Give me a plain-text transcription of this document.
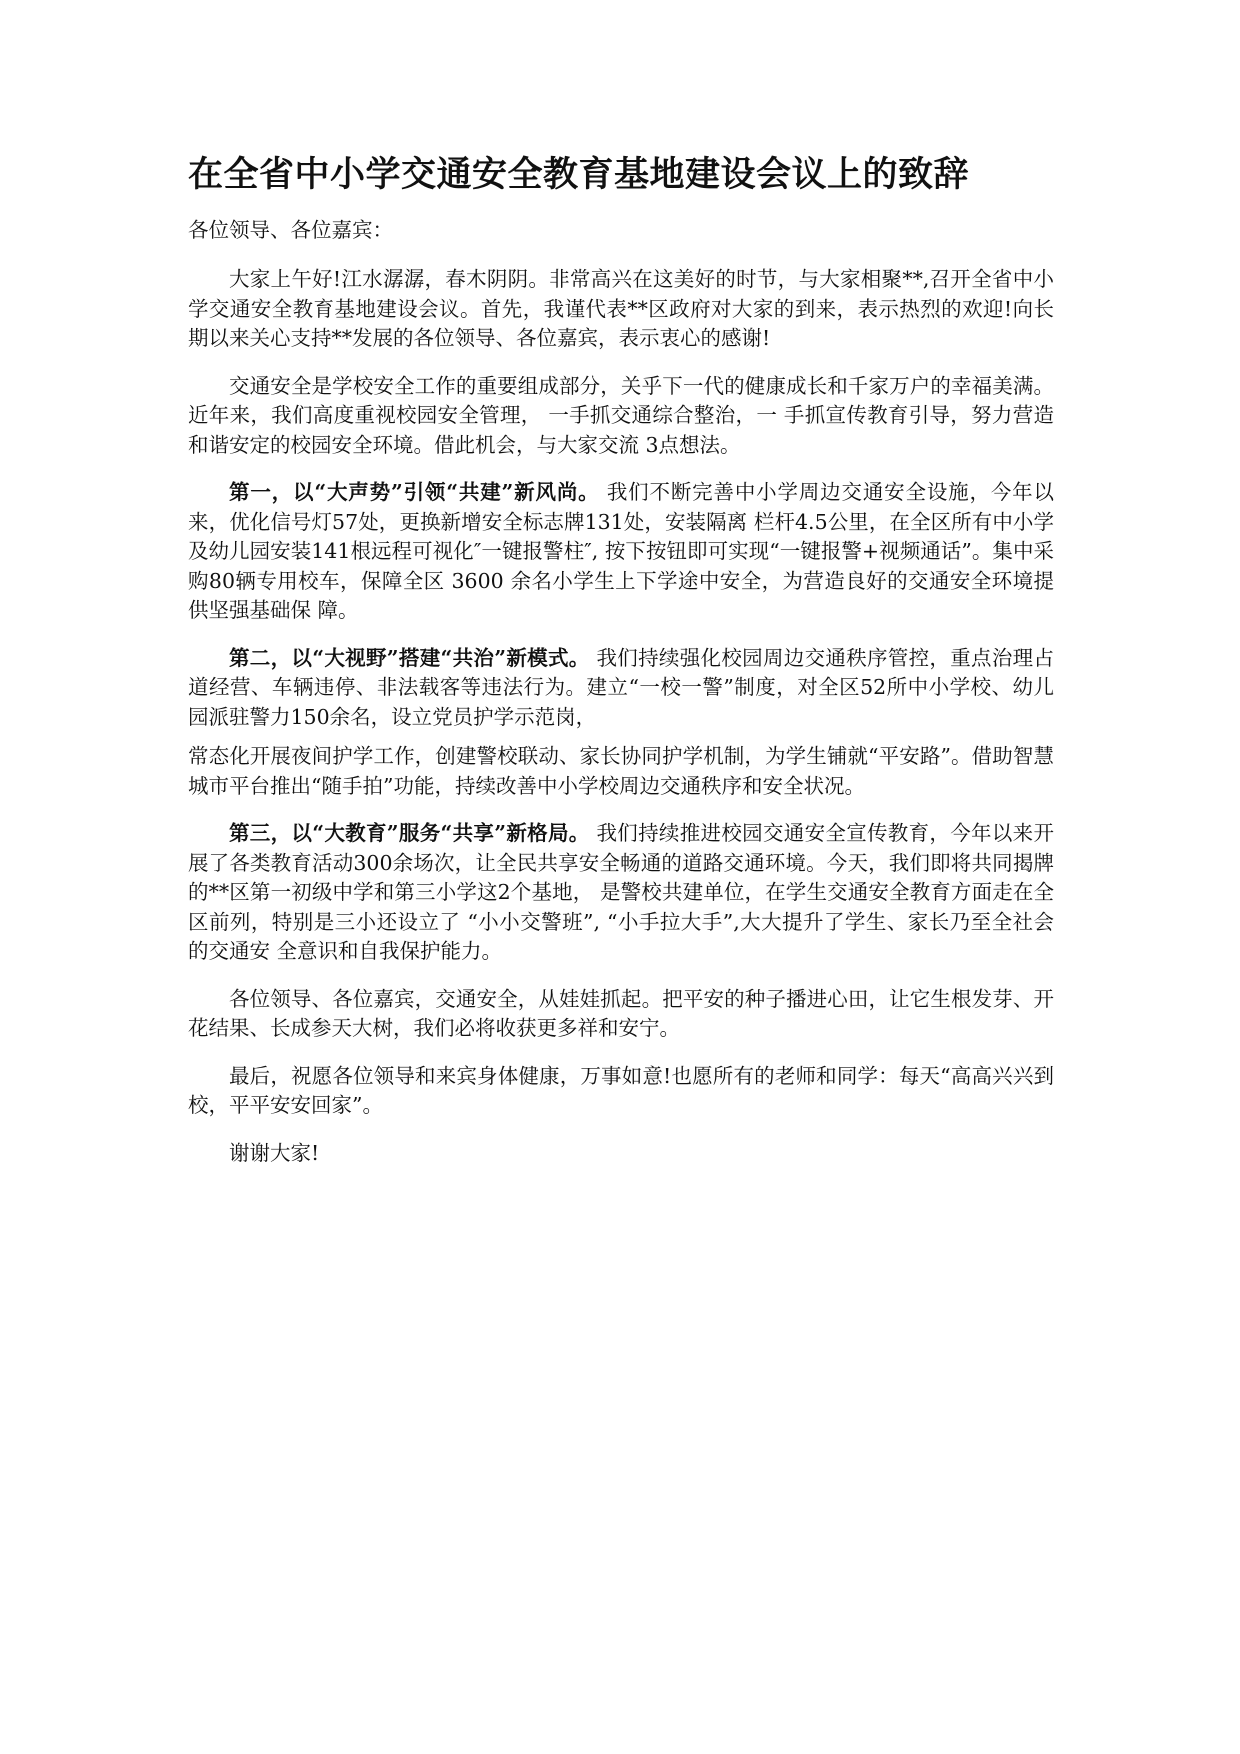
在全省中小学交通安全教育基地建设会议上的致辞

各位领导、各位嘉宾：

大家上午好!江水潺潺，春木阴阴。非常高兴在这美好的时节，与大家相聚**,召开全省中小学交通安全教育基地建设会议。首先，我谨代表**区政府对大家的到来，表示热烈的欢迎!向长期以来关心支持**发展的各位领导、各位嘉宾，表示衷心的感谢!

交通安全是学校安全工作的重要组成部分，关乎下一代的健康成长和千家万户的幸福美满。近年来，我们高度重视校园安全管理， 一手抓交通综合整治，一 手抓宣传教育引导，努力营造和谐安定的校园安全环境。借此机会，与大家交流 3点想法。

第一，以“大声势”引领“共建”新风尚。 我们不断完善中小学周边交通安全设施，今年以来，优化信号灯57处，更换新增安全标志牌131处，安装隔离 栏杆4.5公里，在全区所有中小学及幼儿园安装141根远程可视化″一键报警柱″, 按下按钮即可实现“一键报警+视频通话”。集中采购80辆专用校车，保障全区 3600 余名小学生上下学途中安全，为营造良好的交通安全环境提供坚强基础保 障。

第二，以“大视野”搭建“共治”新模式。 我们持续强化校园周边交通秩序管控，重点治理占道经营、车辆违停、非法载客等违法行为。建立“一校一警”制度，对全区52所中小学校、幼儿园派驻警力150余名，设立党员护学示范岗，

常态化开展夜间护学工作，创建警校联动、家长协同护学机制，为学生铺就“平安路”。借助智慧城市平台推出“随手拍”功能，持续改善中小学校周边交通秩序和安全状况。

第三，以“大教育”服务“共享”新格局。 我们持续推进校园交通安全宣传教育，今年以来开展了各类教育活动300余场次，让全民共享安全畅通的道路交通环境。今天，我们即将共同揭牌的**区第一初级中学和第三小学这2个基地， 是警校共建单位，在学生交通安全教育方面走在全区前列，特别是三小还设立了 “小小交警班”, “小手拉大手”,大大提升了学生、家长乃至全社会的交通安 全意识和自我保护能力。

各位领导、各位嘉宾，交通安全，从娃娃抓起。把平安的种子播进心田，让它生根发芽、开花结果、长成参天大树，我们必将收获更多祥和安宁。

最后，祝愿各位领导和来宾身体健康，万事如意!也愿所有的老师和同学：每天“高高兴兴到校，平平安安回家”。

谢谢大家!
